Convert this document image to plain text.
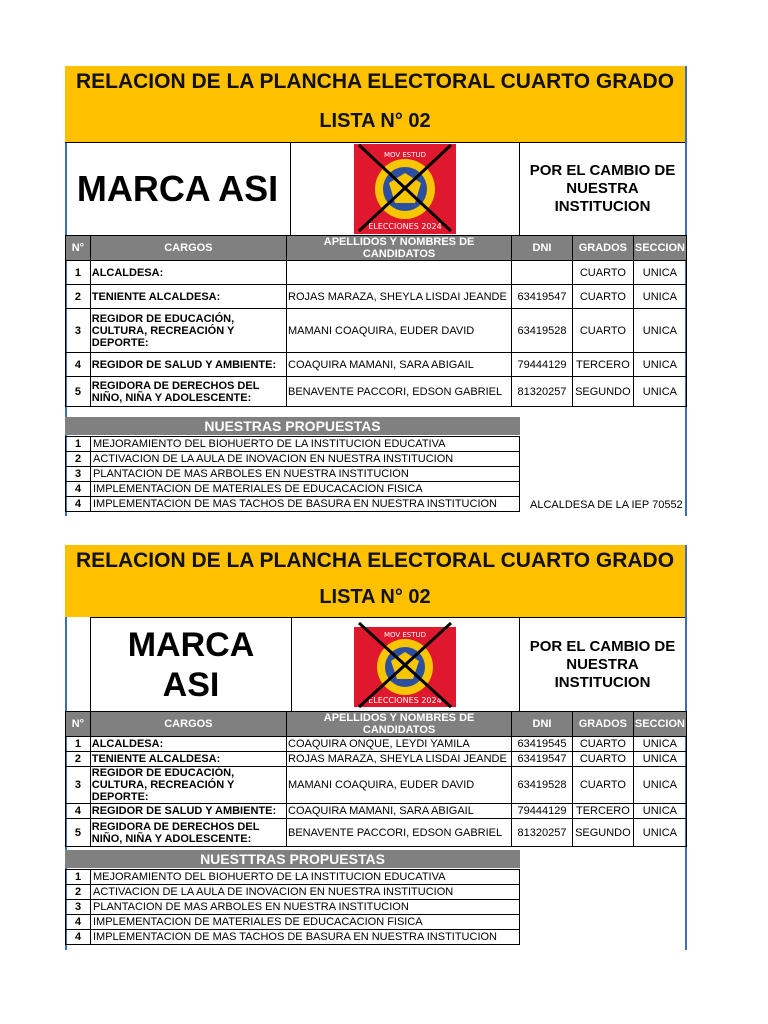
RELACION DE LA PLANCHA ELECTORAL CUARTO GRADO
LISTA N° 02
MARCA ASI
MOV ESTUD
ELECCIONES 2024
POR EL CAMBIO DE NUESTRA INSTITUCION
N°	CARGOS	APELLIDOS Y NOMBRES DE CANDIDATOS	DNI	GRADOS	SECCION
1	ALCALDESA:			CUARTO	UNICA
2	TENIENTE ALCALDESA:	ROJAS MARAZA, SHEYLA LISDAI JEANDE	63419547	CUARTO	UNICA
3	REGIDOR DE EDUCACIÓN, CULTURA, RECREACIÓN Y DEPORTE:	MAMANI COAQUIRA, EUDER DAVID	63419528	CUARTO	UNICA
4	REGIDOR DE SALUD Y AMBIENTE:	COAQUIRA MAMANI, SARA ABIGAIL	79444129	TERCERO	UNICA
5	REGIDORA DE DERECHOS DEL NIÑO, NIÑA Y ADOLESCENTE:	BENAVENTE PACCORI, EDSON GABRIEL	81320257	SEGUNDO	UNICA
NUESTRAS PROPUESTAS
1	MEJORAMIENTO DEL BIOHUERTO DE LA INSTITUCION EDUCATIVA
2	ACTIVACION DE LA AULA DE INOVACION EN NUESTRA INSTITUCION
3	PLANTACION DE MAS ARBOLES EN NUESTRA INSTITUCION
4	IMPLEMENTACION DE MATERIALES DE EDUCACACION FISICA
4	IMPLEMENTACION DE MAS TACHOS DE BASURA EN NUESTRA INSTITUCION	ALCALDESA DE LA IEP 70552
RELACION DE LA PLANCHA ELECTORAL CUARTO GRADO
LISTA N° 02
MARCA
ASI
MOV ESTUD
ELECCIONES 2024
POR EL CAMBIO DE NUESTRA INSTITUCION
N°	CARGOS	APELLIDOS Y NOMBRES DE CANDIDATOS	DNI	GRADOS	SECCION
1	ALCALDESA:	COAQUIRA ONQUE, LEYDI YAMILA	63419545	CUARTO	UNICA
2	TENIENTE ALCALDESA:	ROJAS MARAZA, SHEYLA LISDAI JEANDE	63419547	CUARTO	UNICA
3	REGIDOR DE EDUCACIÓN, CULTURA, RECREACIÓN Y DEPORTE:	MAMANI COAQUIRA, EUDER DAVID	63419528	CUARTO	UNICA
4	REGIDOR DE SALUD Y AMBIENTE:	COAQUIRA MAMANI, SARA ABIGAIL	79444129	TERCERO	UNICA
5	REGIDORA DE DERECHOS DEL NIÑO, NIÑA Y ADOLESCENTE:	BENAVENTE PACCORI, EDSON GABRIEL	81320257	SEGUNDO	UNICA
NUESTTRAS PROPUESTAS
1	MEJORAMIENTO DEL BIOHUERTO DE LA INSTITUCION EDUCATIVA
2	ACTIVACION DE LA AULA DE INOVACION EN NUESTRA INSTITUCION
3	PLANTACION DE MAS ARBOLES EN NUESTRA INSTITUCION
4	IMPLEMENTACION DE MATERIALES DE EDUCACACION FISICA
4	IMPLEMENTACION DE MAS TACHOS DE BASURA EN NUESTRA INSTITUCION
